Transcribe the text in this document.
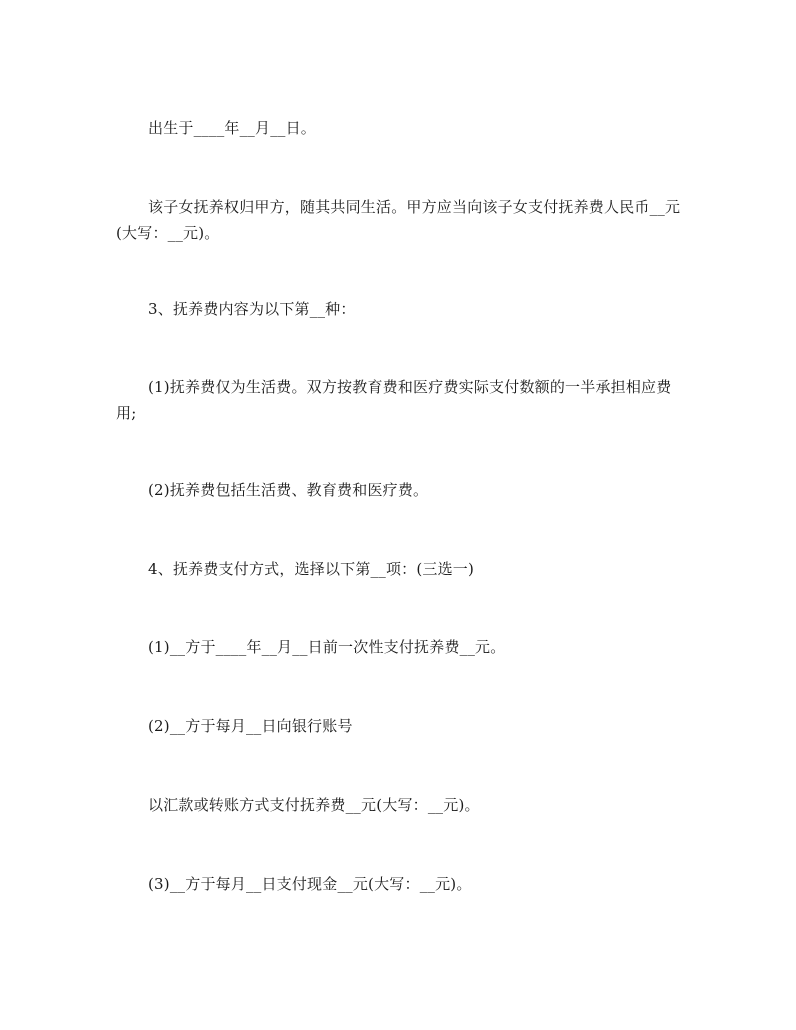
出生于____年__月__日。

该子女抚养权归甲方，随其共同生活。甲方应当向该子女支付抚养费人民币__元(大写：__元)。

3、抚养费内容为以下第__种：

(1)抚养费仅为生活费。双方按教育费和医疗费实际支付数额的一半承担相应费用;

(2)抚养费包括生活费、教育费和医疗费。

4、抚养费支付方式，选择以下第__项：(三选一)

(1)__方于____年__月__日前一次性支付抚养费__元。

(2)__方于每月__日向银行账号

以汇款或转账方式支付抚养费__元(大写：__元)。

(3)__方于每月__日支付现金__元(大写：__元)。
